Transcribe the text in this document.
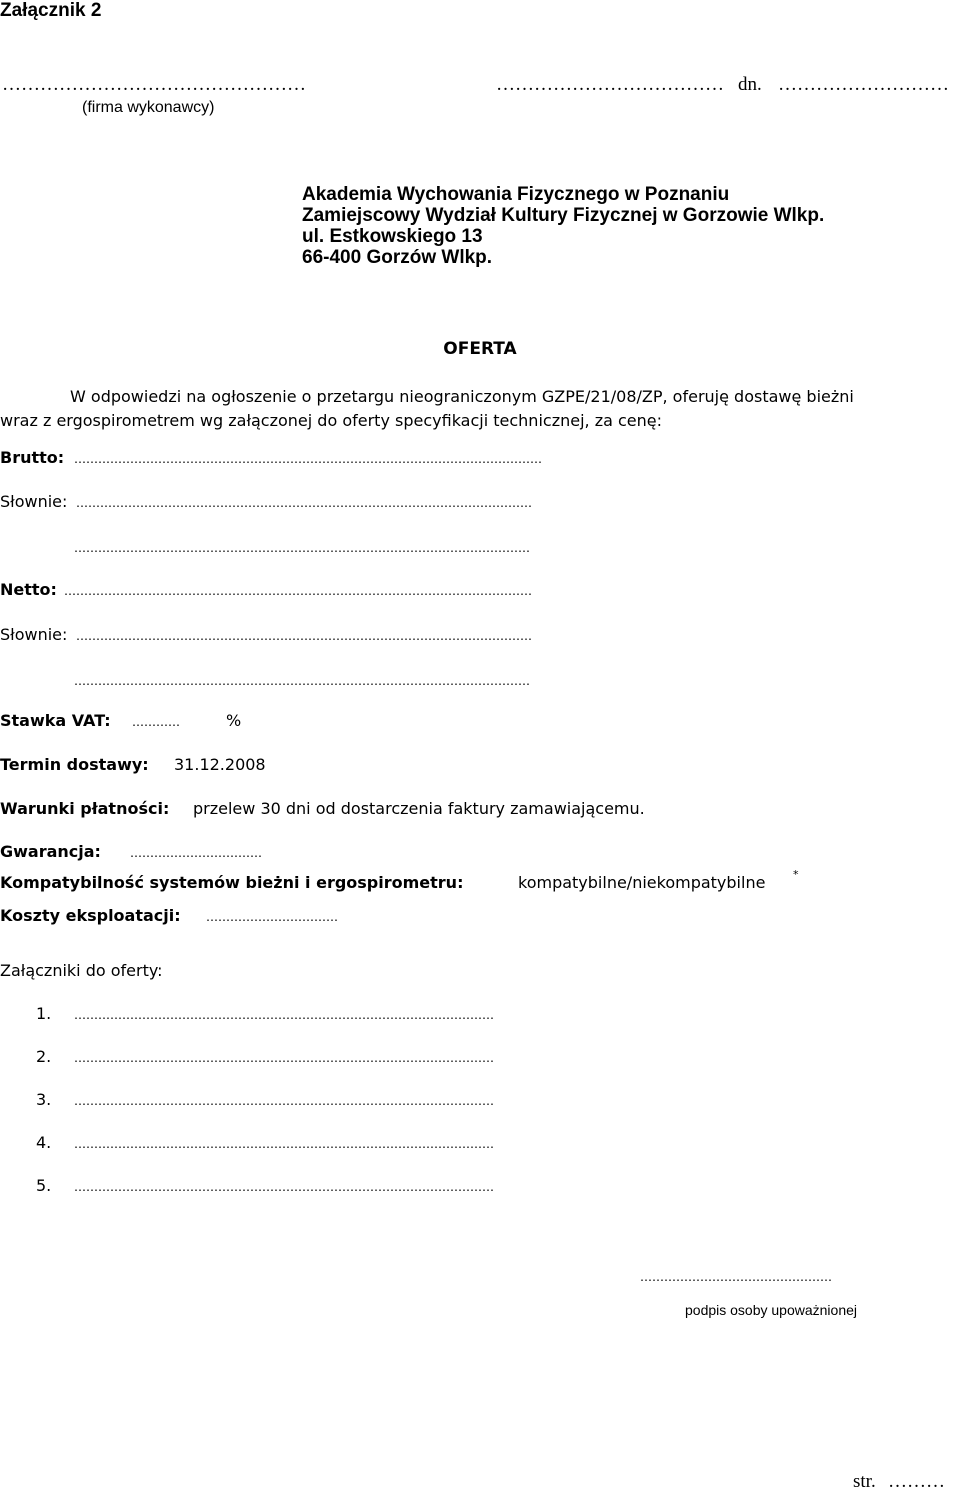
Załącznik 2
…………………………………………
(firma wykonawcy)
……………………………… dn. ………………………
Akademia Wychowania Fizycznego w Poznaniu
Zamiejscowy Wydział Kultury Fizycznej w Gorzowie Wlkp.
ul. Estkowskiego 13
66-400 Gorzów Wlkp.
OFERTA
W odpowiedzi na ogłoszenie o przetargu nieograniczonym GZPE/21/08/ZP, oferuję dostawę bieżni
wraz z ergospirometrem wg załączonej do oferty specyfikacji technicznej, za cenę:
Brutto: ………………………………………………………………………………………………………
Słownie: ……………………………………………………………………………………………………
……………………………………………………………………………………………………
Netto: ………………………………………………………………………………………………………
Słownie: ……………………………………………………………………………………………………
……………………………………………………………………………………………………
Stawka VAT: …………	%
Termin dostawy: 31.12.2008
Warunki płatności: przelew 30 dni od dostarczenia faktury zamawiającemu.
Gwarancja: ……………………………
Kompatybilność systemów bieżni i ergospirometru:	kompatybilne/niekompatybilne	*
Koszty eksploatacji: ……………………………
Załączniki do oferty:
1. ……………………………………………………………………………………………
2. ……………………………………………………………………………………………
3. ……………………………………………………………………………………………
4. ……………………………………………………………………………………………
5. ……………………………………………………………………………………………
…………………………………………
podpis osoby upoważnionej
str. ………
